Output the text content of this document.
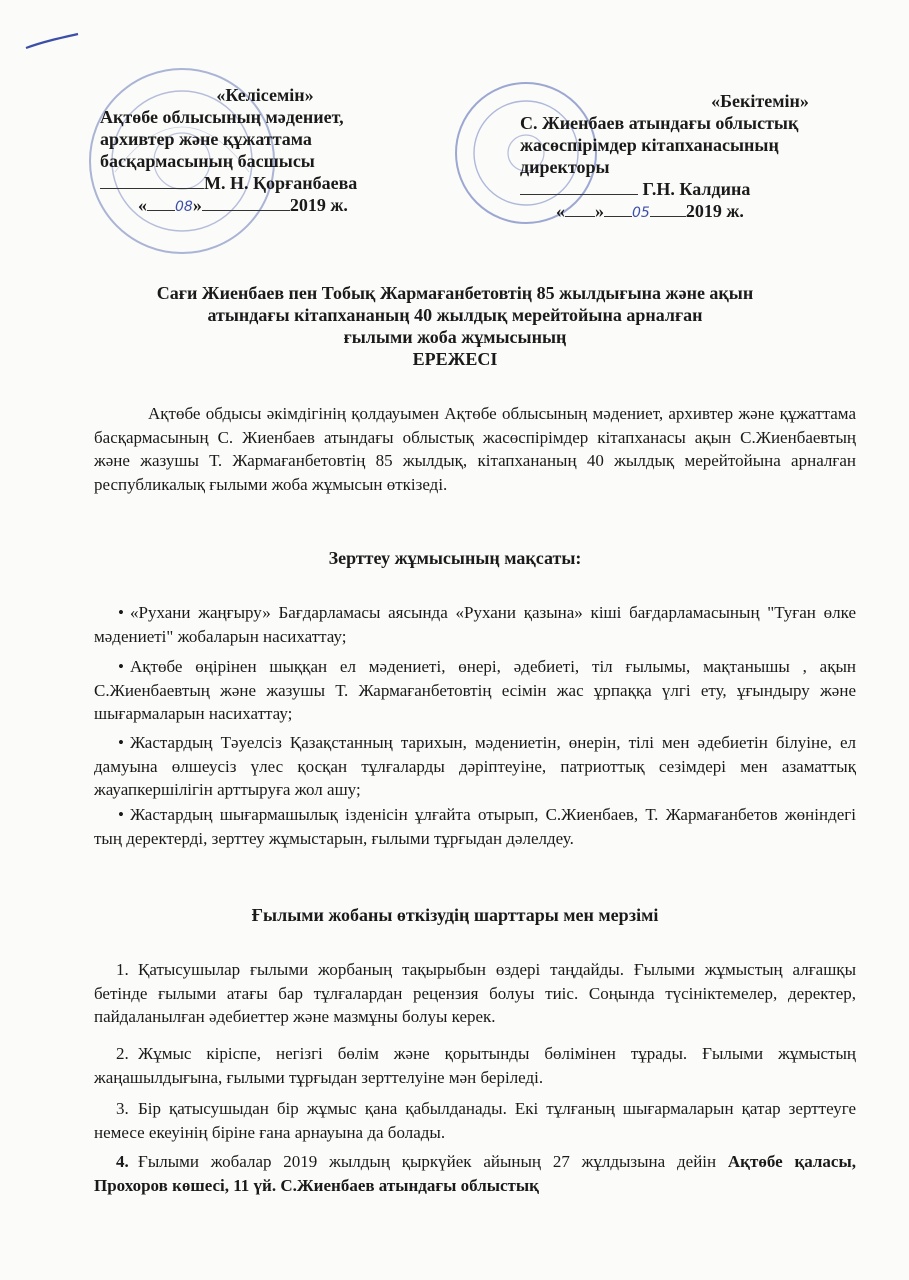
«Келісемін»
Ақтөбе облысының мәдениет,
архивтер және құжаттама
басқармасының басшысы
М. Н. Қорғанбаева
« 08»	2019 ж.
«Бекітемін»
С. Жиенбаев атындағы облыстық
жасөспірімдер кітапханасының
директоры
Г.Н. Калдина
« » 05 2019 ж.
Сағи Жиенбаев пен Тобық Жармағанбетовтің 85 жылдығына және ақын
атындағы кітапхананың 40 жылдық мерейтойына арналған
ғылыми жоба жұмысының
ЕРЕЖЕСІ
Ақтөбе обдысы әкімдігінің қолдауымен Ақтөбе облысының мәдениет, архивтер және құжаттама басқармасының С. Жиенбаев атындағы облыстық жасөспірімдер кітапханасы ақын С.Жиенбаевтың және жазушы Т. Жармағанбетовтің 85 жылдық, кітапхананың 40 жылдық мерейтойына арналған республикалық ғылыми жоба жұмысын өткізеді.
Зерттеу жұмысының мақсаты:
• «Рухани жаңғыру» Бағдарламасы аясында «Рухани қазына» кіші бағдарламасының "Туған өлке мәдениеті" жобаларын насихаттау;
• Ақтөбе өңірінен шыққан ел мәдениеті, өнері, әдебиеті, тіл ғылымы, мақтанышы , ақын С.Жиенбаевтың және жазушы Т. Жармағанбетовтің есімін жас ұрпаққа үлгі ету, ұғындыру және шығармаларын насихаттау;
• Жастардың Тәуелсіз Қазақстанның тарихын, мәдениетін, өнерін, тілі мен әдебиетін білуіне, ел дамуына өлшеусіз үлес қосқан тұлғаларды дәріптеуіне, патриоттық сезімдері мен азаматтық жауапкершілігін арттыруға жол ашу;
• Жастардың шығармашылық ізденісін ұлғайта отырып, С.Жиенбаев, Т. Жармағанбетов жөніндегі тың деректерді, зерттеу жұмыстарын, ғылыми тұрғыдан дәлелдеу.
Ғылыми жобаны өткізудің шарттары мен мерзімі
1. Қатысушылар ғылыми жорбаның тақырыбын өздері таңдайды. Ғылыми жұмыстың алғашқы бетінде ғылыми атағы бар тұлғалардан рецензия болуы тиіс. Соңында түсініктемелер, деректер, пайдаланылған әдебиеттер және мазмұны болуы керек.
2. Жұмыс кіріспе, негізгі бөлім және қорытынды бөлімінен тұрады. Ғылыми жұмыстың жаңашылдығына, ғылыми тұрғыдан зерттелуіне мән беріледі.
3. Бір қатысушыдан бір жұмыс қана қабылданады. Екі тұлғаның шығармаларын қатар зерттеуге немесе екеуінің біріне ғана арнауына да болады.
4. Ғылыми жобалар 2019 жылдың қыркүйек айының 27 жұлдызына дейін Ақтөбе қаласы, Прохоров көшесі, 11 үй. С.Жиенбаев атындағы облыстық
